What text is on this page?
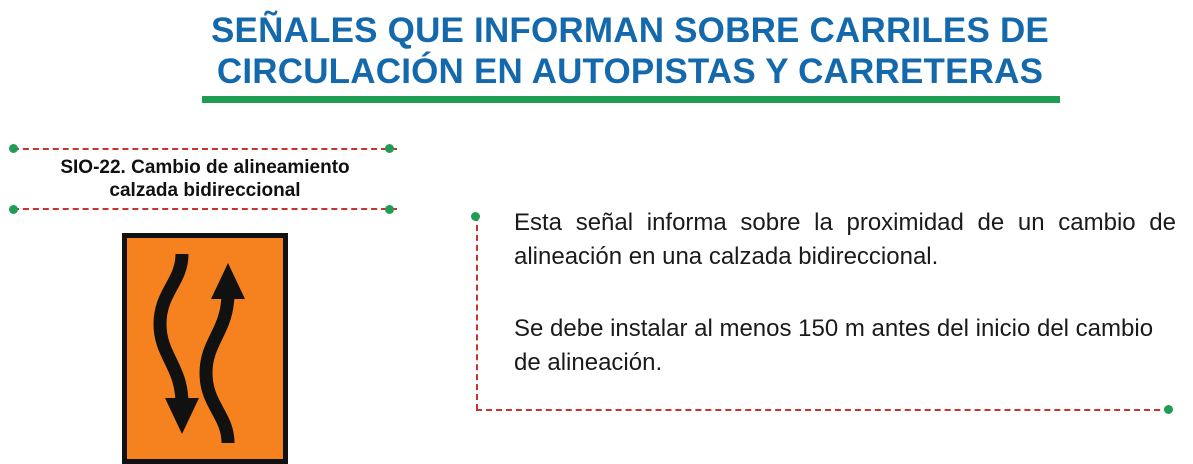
SEÑALES QUE INFORMAN SOBRE CARRILES DE
CIRCULACIÓN EN AUTOPISTAS Y CARRETERAS
SIO-22. Cambio de alineamiento
calzada bidireccional
Esta señal informa sobre la proximidad de un cambio de alineación en una calzada bidireccional.
Se debe instalar al menos 150 m antes del inicio del cambio de alineación.
